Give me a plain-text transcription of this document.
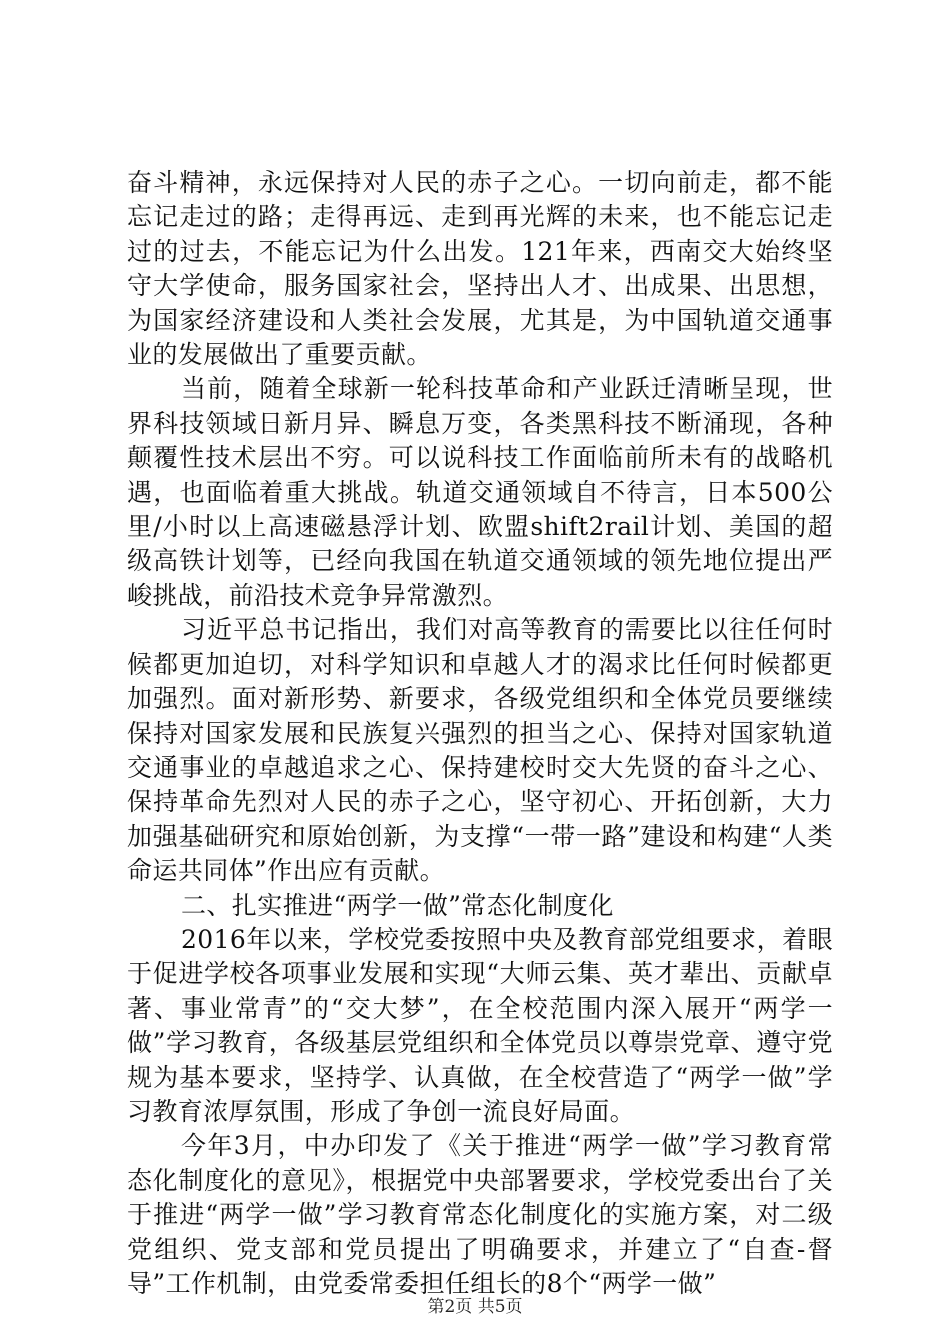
奋斗精神，永远保持对人民的赤子之心。一切向前走，都不能忘记走过的路；走得再远、走到再光辉的未来，也不能忘记走过的过去，不能忘记为什么出发。121年来，西南交大始终坚守大学使命，服务国家社会，坚持出人才、出成果、出思想，为国家经济建设和人类社会发展，尤其是，为中国轨道交通事业的发展做出了重要贡献。

当前，随着全球新一轮科技革命和产业跃迁清晰呈现，世界科技领域日新月异、瞬息万变，各类黑科技不断涌现，各种颠覆性技术层出不穷。可以说科技工作面临前所未有的战略机遇，也面临着重大挑战。轨道交通领域自不待言，日本500公里/小时以上高速磁悬浮计划、欧盟shift2rail计划、美国的超级高铁计划等，已经向我国在轨道交通领域的领先地位提出严峻挑战，前沿技术竞争异常激烈。

习近平总书记指出，我们对高等教育的需要比以往任何时候都更加迫切，对科学知识和卓越人才的渴求比任何时候都更加强烈。面对新形势、新要求，各级党组织和全体党员要继续保持对国家发展和民族复兴强烈的担当之心、保持对国家轨道交通事业的卓越追求之心、保持建校时交大先贤的奋斗之心、保持革命先烈对人民的赤子之心，坚守初心、开拓创新，大力加强基础研究和原始创新，为支撑“一带一路”建设和构建“人类命运共同体”作出应有贡献。

二、扎实推进“两学一做”常态化制度化

2016年以来，学校党委按照中央及教育部党组要求，着眼于促进学校各项事业发展和实现“大师云集、英才辈出、贡献卓著、事业常青”的“交大梦”，在全校范围内深入展开“两学一做”学习教育，各级基层党组织和全体党员以尊崇党章、遵守党规为基本要求，坚持学、认真做，在全校营造了“两学一做”学习教育浓厚氛围，形成了争创一流良好局面。

今年3月，中办印发了《关于推进“两学一做”学习教育常态化制度化的意见》，根据党中央部署要求，学校党委出台了关于推进“两学一做”学习教育常态化制度化的实施方案，对二级党组织、党支部和党员提出了明确要求，并建立了“自查-督导”工作机制，由党委常委担任组长的8个“两学一做”

第2页 共5页
